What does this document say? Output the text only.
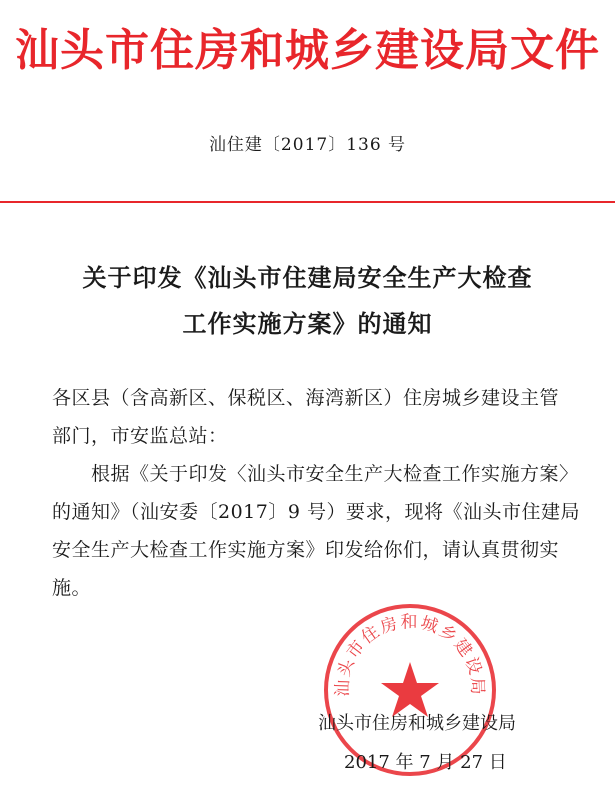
汕头市住房和城乡建设局文件
汕住建〔2017〕136 号
关于印发《汕头市住建局安全生产大检查
工作实施方案》的通知
各区县（含高新区、保税区、海湾新区）住房城乡建设主管
部门，市安监总站：
根据《关于印发〈汕头市安全生产大检查工作实施方案〉
的通知》（汕安委〔2017〕9 号）要求，现将《汕头市住建局
安全生产大检查工作实施方案》印发给你们，请认真贯彻实
施。
汕头市住房和城乡建设局
汕头市住房和城乡建设局
2017 年 7 月 27 日
